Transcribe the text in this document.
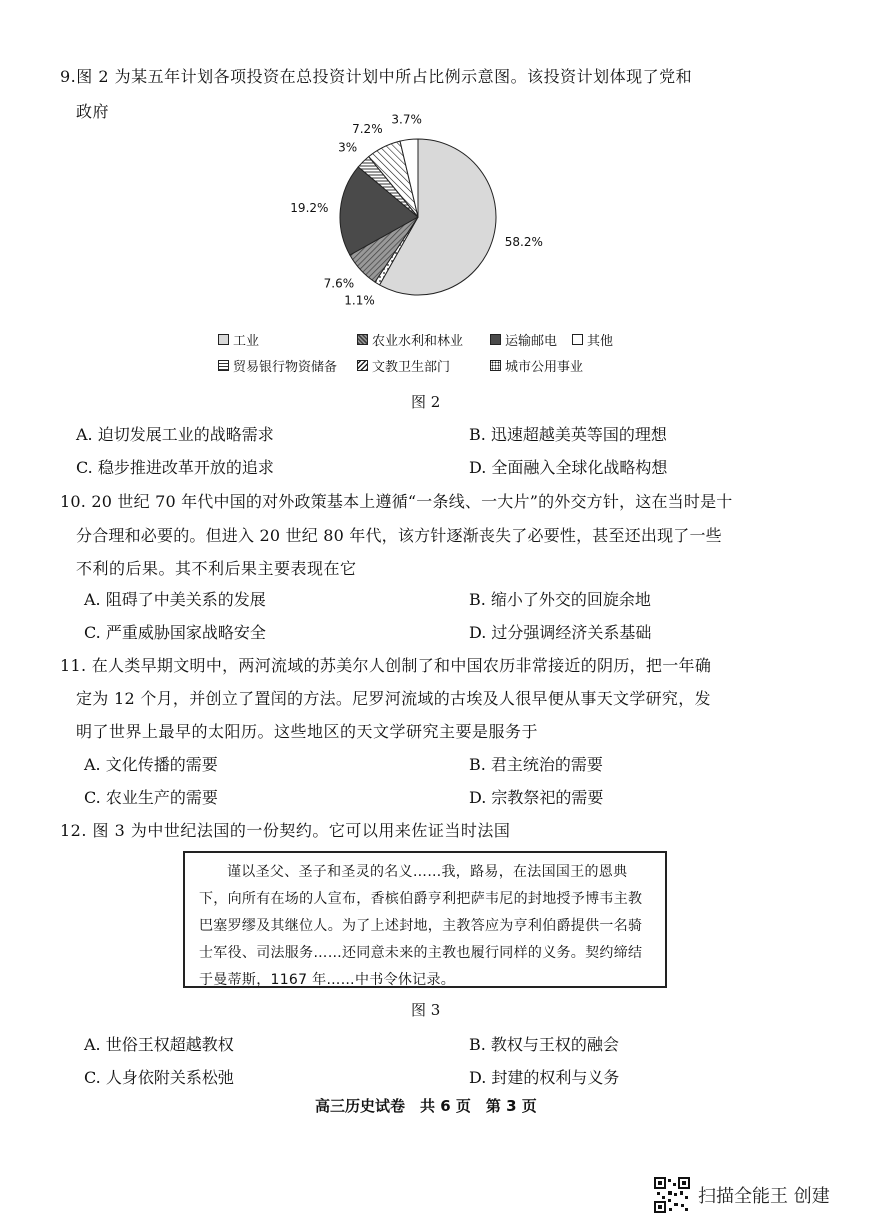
9.图 2 为某五年计划各项投资在总投资计划中所占比例示意图。该投资计划体现了党和
政府
58.2%
1.1%
7.6%
19.2%
3%
7.2%
3.7%
工业	农业水利和林业	运输邮电 其他
贸易银行物资储备	文教卫生部门	城市公用事业
图 2
A. 迫切发展工业的战略需求	B. 迅速超越美英等国的理想
C. 稳步推进改革开放的追求	D. 全面融入全球化战略构想
10. 20 世纪 70 年代中国的对外政策基本上遵循“一条线、一大片”的外交方针，这在当时是十
分合理和必要的。但进入 20 世纪 80 年代，该方针逐渐丧失了必要性，甚至还出现了一些
不利的后果。其不利后果主要表现在它
A. 阻碍了中美关系的发展	B. 缩小了外交的回旋余地
C. 严重威胁国家战略安全	D. 过分强调经济关系基础
11. 在人类早期文明中，两河流域的苏美尔人创制了和中国农历非常接近的阴历，把一年确
定为 12 个月，并创立了置闰的方法。尼罗河流域的古埃及人很早便从事天文学研究，发
明了世界上最早的太阳历。这些地区的天文学研究主要是服务于
A. 文化传播的需要	B. 君主统治的需要
C. 农业生产的需要	D. 宗教祭祀的需要
12. 图 3 为中世纪法国的一份契约。它可以用来佐证当时法国

谨以圣父、圣子和圣灵的名义……我，路易，在法国国王的恩典下，向所有在场的人宣布，香槟伯爵亨利把萨韦尼的封地授予博韦主教巴塞罗缪及其继位人。为了上述封地，主教答应为亨利伯爵提供一名骑士军役、司法服务……还同意未来的主教也履行同样的义务。契约缔结于曼蒂斯，1167 年……中书令休记录。

图 3
A. 世俗王权超越教权	B. 教权与王权的融会
C. 人身依附关系松弛	D. 封建的权利与义务
高三历史试卷　共 6 页　第 3 页
扫描全能王 创建
